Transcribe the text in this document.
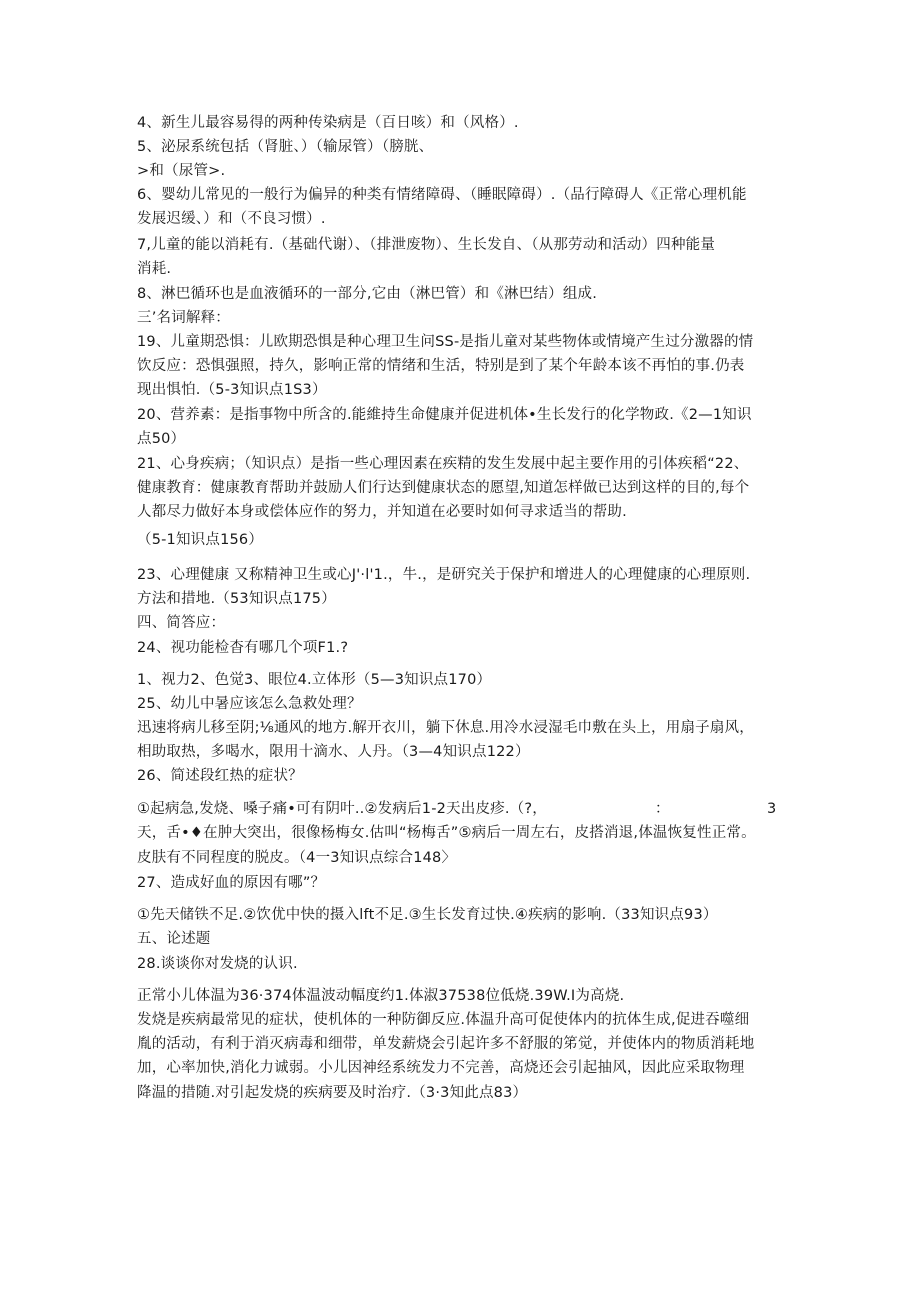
4、新生儿最容易得的两种传染病是（百日咳）和（风格）.
5、泌尿系统包括（肾脏、）（输尿管）（膀胱、
>和（尿管>.
6、婴幼儿常见的一般行为偏异的种类有情绪障碍、（睡眠障碍）.（品行障碍人《正常心理机能
发展迟缓、）和（不良习惯）.
7,儿童的能以消耗有.（基础代谢）、（排泄废物）、生长发自、（从那劳动和活动）四种能量
消耗.
8、淋巴循环也是血液循环的一部分,它由（淋巴管）和《淋巴结）组成.
三’名词解释：
19、儿童期恐惧：儿欧期恐惧是种心理卫生问SS-是指儿童对某些物体或情境产生过分激器的情
饮反应：恐惧强照，持久，影响正常的情绪和生活，特别是到了某个年龄本该不再怕的事.仍表
现出惧怕.（5-3知识点1S3）
20、营养素：是指事物中所含的.能維持生命健康并促进机体•生长发行的化学物政.《2—1知识
点50）
21、心身疾病；（知识点）是指一些心理因素在疾精的发生发展中起主要作用的引体疾稻“22、
健康教育：健康教育帮助并鼓励人们行达到健康状态的愿望,知道怎样做已达到这样的目的,每个
人都尽力做好本身或偿体应作的努力，并知道在必要时如何寻求适当的帮助.
（5-1知识点156）
23、心理健康 又称精神卫生或心J'·l'1.，牛.，是研究关于保护和增进人的心理健康的心理原则.
方法和措地.（53知识点175）
四、简答应：
24、视功能检杳有哪几个项F1.?
1、视力2、色觉3、眼位4.立体形（5—3知识点170）
25、幼儿中暑应该怎么急救处理？
迅速将病儿移至阴;⅛通风的地方.解开衣川，躺下休息.用冷水浸湿毛巾敷在头上，用扇子扇风，
相助取热，多喝水，限用十滴水、人丹。（3—4知识点122）
26、简述段红热的症状？
①起病急,发烧、嗓子痛•可有阴叶..②发病后1-2天出皮疹.（?，	：	3
天，舌•♦在肿大突出，很像杨梅女.估叫“杨梅舌”⑤病后一周左右，皮搭消退,体温恢复性正常。
皮肤有不同程度的脱皮。（4一3知识点综合148〉
27、造成好血的原因有哪”？
①先天储铁不足.②饮优中快的摄入lft不足.③生长发育过快.④疾病的影响.（33知识点93）
五、论述题
28.谈谈你对发烧的认识.
正常小儿体温为36·374体温波动幅度约1.体淑37538位低烧.39W.I为高烧.
发烧是疾病最常见的症状，使机体的一种防御反应.体温升高可促使体内的抗体生成,促进吞噬细
胤的活动，有利于消灭病毒和细带，单发薪烧会引起许多不舒服的笫觉，并使体内的物质消耗地
加，心率加快,消化力诚弱。小儿因神经系统发力不完善，高烧还会引起抽风，因此应采取物理
降温的措随.对引起发烧的疾病要及时治疗.（3·3知此点83）
